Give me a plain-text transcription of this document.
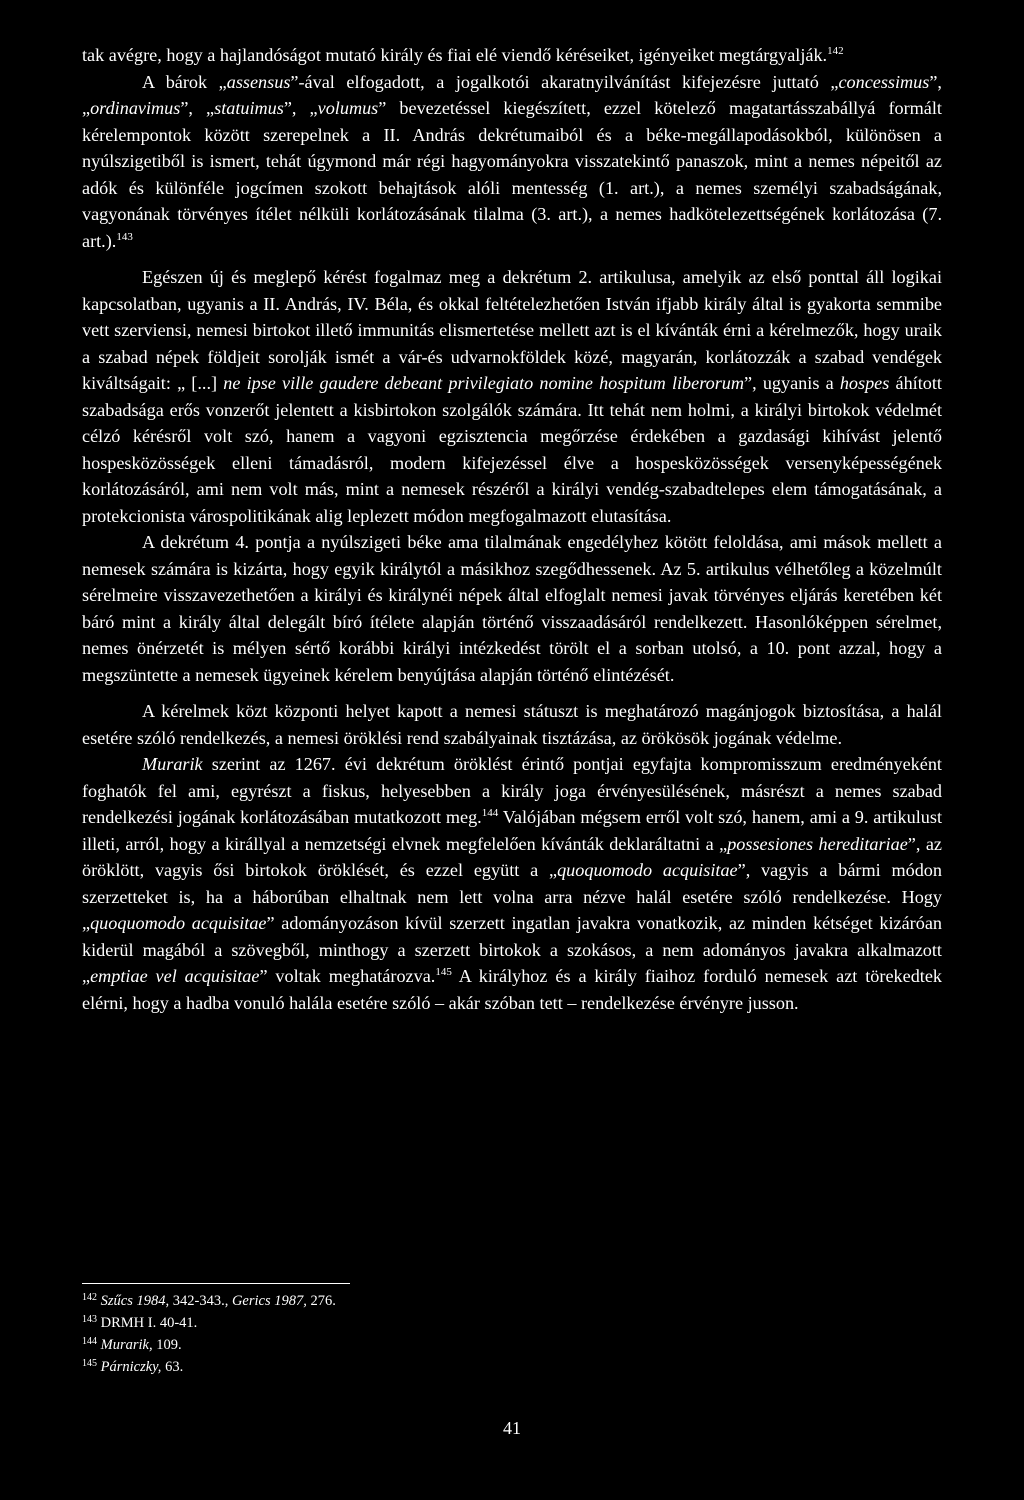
tak avégre, hogy a hajlandóságot mutató király és fiai elé viendő kéréseiket, igényeiket megtárgyalják.$^{142}$

A bárok „assensus”-ával elfogadott, a jogalkotói akaratnyilvánítást kifejezésre juttató „concessimus”, „ordinavimus”, „statuimus”, „volumus” bevezetéssel kiegészített, ezzel kötelező magatartásszabállyá formált kérelempontok között szerepelnek a II. András dekrétumaiból és a béke-megállapodásokból, különösen a nyúlszigetiből is ismert, tehát úgymond már régi hagyományokra visszatekintő panaszok, mint a nemes népeitől az adók és különféle jogcímen szokott behajtások alóli mentesség (1. art.), a nemes személyi szabadságának, vagyonának törvényes ítélet nélküli korlátozásának tilalma (3. art.), a nemes hadkötelezettségének korlátozása (7. art.).$^{143}$

Egészen új és meglepő kérést fogalmaz meg a dekrétum 2. artikulusa, amelyik az első ponttal áll logikai kapcsolatban, ugyanis a II. András, IV. Béla, és okkal feltételezhetően István ifjabb király által is gyakorta semmibe vett szerviensi, nemesi birtokot illető immunitás elismertetése mellett azt is el kívánták érni a kérelmezők, hogy uraik a szabad népek földjeit sorolják ismét a vár-és udvarnokföldek közé, magyarán, korlátozzák a szabad vendégek kiváltságait: „ [...] ne ipse ville gaudere debeant privilegiato nomine hospitum liberorum”, ugyanis a hospes áhított szabadsága erős vonzerőt jelentett a kisbirtokon szolgálók számára. Itt tehát nem holmi, a királyi birtokok védelmét célzó kérésről volt szó, hanem a vagyoni egzisztencia megőrzése érdekében a gazdasági kihívást jelentő hospesközösségek elleni támadásról, modern kifejezéssel élve a hospesközösségek versenyképességének korlátozásáról, ami nem volt más, mint a nemesek részéről a királyi vendég-szabadtelepes elem támogatásának, a protekcionista várospolitikának alig leplezett módon megfogalmazott elutasítása.

A dekrétum 4. pontja a nyúlszigeti béke ama tilalmának engedélyhez kötött feloldása, ami mások mellett a nemesek számára is kizárta, hogy egyik királytól a másikhoz szegődhessenek. Az 5. artikulus vélhetőleg a közelmúlt sérelmeire visszavezethetően a királyi és királynéi népek által elfoglalt nemesi javak törvényes eljárás keretében két báró mint a király által delegált bíró ítélete alapján történő visszaadásáról rendelkezett. Hasonlóképpen sérelmet, nemes önérzetét is mélyen sértő korábbi királyi intézkedést törölt el a sorban utolsó, a 10. pont azzal, hogy a megszüntette a nemesek ügyeinek kérelem benyújtása alapján történő elintézését.

A kérelmek közt központi helyet kapott a nemesi státuszt is meghatározó magánjogok biztosítása, a halál esetére szóló rendelkezés, a nemesi öröklési rend szabályainak tisztázása, az örökösök jogának védelme.

Murarik szerint az 1267. évi dekrétum öröklést érintő pontjai egyfajta kompromisszum eredményeként foghatók fel ami, egyrészt a fiskus, helyesebben a király joga érvényesülésének, másrészt a nemes szabad rendelkezési jogának korlátozásában mutatkozott meg.$^{144}$ Valójában mégsem erről volt szó, hanem, ami a 9. artikulust illeti, arról, hogy a királlyal a nemzetségi elvnek megfelelően kívánták deklaráltatni a „possesiones hereditariae”, az öröklött, vagyis ősi birtokok öröklését, és ezzel együtt a „quoquomodo acquisitae”, vagyis a bármi módon szerzetteket is, ha a háborúban elhaltnak nem lett volna arra nézve halál esetére szóló rendelkezése. Hogy „quoquomodo acquisitae” adományozáson kívül szerzett ingatlan javakra vonatkozik, az minden kétséget kizáróan kiderül magából a szövegből, minthogy a szerzett birtokok a szokásos, a nem adományos javakra alkalmazott „emptiae vel acquisitae” voltak meghatározva.$^{145}$ A királyhoz és a király fiaihoz forduló nemesek azt törekedtek elérni, hogy a hadba vonuló halála esetére szóló – akár szóban tett – rendelkezése érvényre jusson.

$^{142}$ Szűcs 1984, 342-343., Gerics 1987, 276.
$^{143}$ DRMH I. 40-41.
$^{144}$ Murarik, 109.
$^{145}$ Párniczky, 63.
41
